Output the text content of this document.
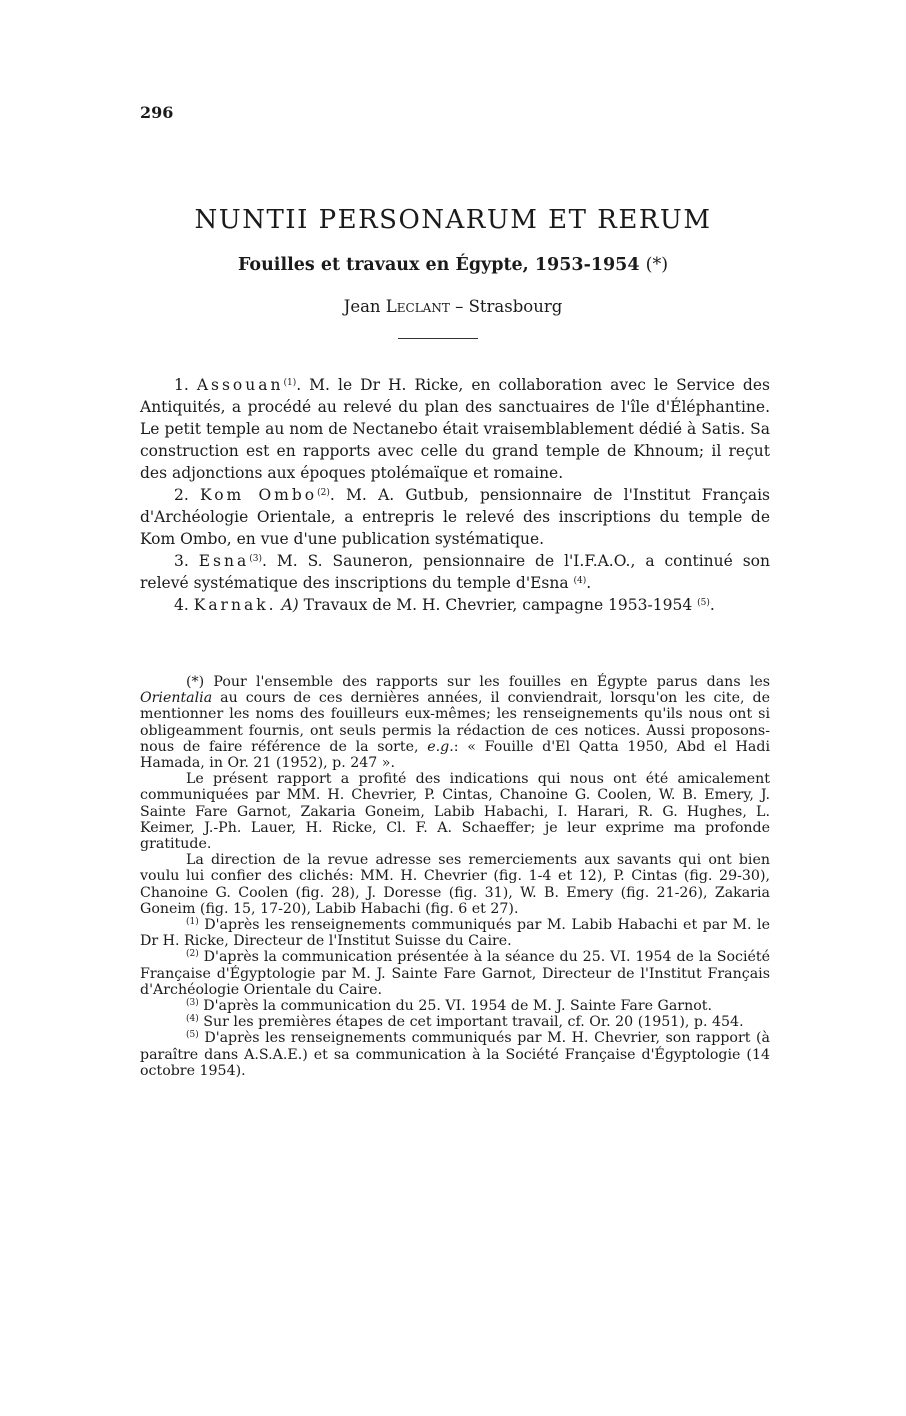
296
NUNTII PERSONARUM ET RERUM
Fouilles et travaux en Égypte, 1953-1954 (*)
Jean Leclant – Strasbourg

1. Assouan$^{(1)}$. M. le Dr H. Ricke, en collaboration avec le Service des Antiquités, a procédé au relevé du plan des sanctuaires de l'île d'Éléphantine. Le petit temple au nom de Nectanebo était vraisemblablement dédié à Satis. Sa construction est en rapports avec celle du grand temple de Khnoum; il reçut des adjonctions aux époques ptolémaïque et romaine.

2. Kom Ombo$^{(2)}$. M. A. Gutbub, pensionnaire de l'Institut Français d'Archéologie Orientale, a entrepris le relevé des inscriptions du temple de Kom Ombo, en vue d'une publication systématique.

3. Esna$^{(3)}$. M. S. Sauneron, pensionnaire de l'I.F.A.O., a continué son relevé systématique des inscriptions du temple d'Esna $^{(4)}$.

4. Karnak. A) Travaux de M. H. Chevrier, campagne 1953-1954 $^{(5)}$.

(*) Pour l'ensemble des rapports sur les fouilles en Égypte parus dans les Orientalia au cours de ces dernières années, il conviendrait, lorsqu'on les cite, de mentionner les noms des fouilleurs eux-mêmes; les renseignements qu'ils nous ont si obligeamment fournis, ont seuls permis la rédaction de ces notices. Aussi proposons-nous de faire référence de la sorte, e.g.: « Fouille d'El Qatta 1950, Abd el Hadi Hamada, in Or. 21 (1952), p. 247 ».

Le présent rapport a profité des indications qui nous ont été amicalement communiquées par MM. H. Chevrier, P. Cintas, Chanoine G. Coolen, W. B. Emery, J. Sainte Fare Garnot, Zakaria Goneim, Labib Habachi, I. Harari, R. G. Hughes, L. Keimer, J.-Ph. Lauer, H. Ricke, Cl. F. A. Schaeffer; je leur exprime ma profonde gratitude.

La direction de la revue adresse ses remerciements aux savants qui ont bien voulu lui confier des clichés: MM. H. Chevrier (fig. 1-4 et 12), P. Cintas (fig. 29-30), Chanoine G. Coolen (fig. 28), J. Doresse (fig. 31), W. B. Emery (fig. 21-26), Zakaria Goneim (fig. 15, 17-20), Labib Habachi (fig. 6 et 27).

$^{(1)}$ D'après les renseignements communiqués par M. Labib Habachi et par M. le Dr H. Ricke, Directeur de l'Institut Suisse du Caire.

$^{(2)}$ D'après la communication présentée à la séance du 25. VI. 1954 de la Société Française d'Égyptologie par M. J. Sainte Fare Garnot, Directeur de l'Institut Français d'Archéologie Orientale du Caire.

$^{(3)}$ D'après la communication du 25. VI. 1954 de M. J. Sainte Fare Garnot.

$^{(4)}$ Sur les premières étapes de cet important travail, cf. Or. 20 (1951), p. 454.

$^{(5)}$ D'après les renseignements communiqués par M. H. Chevrier, son rapport (à paraître dans A.S.A.E.) et sa communication à la Société Française d'Égyptologie (14 octobre 1954).
